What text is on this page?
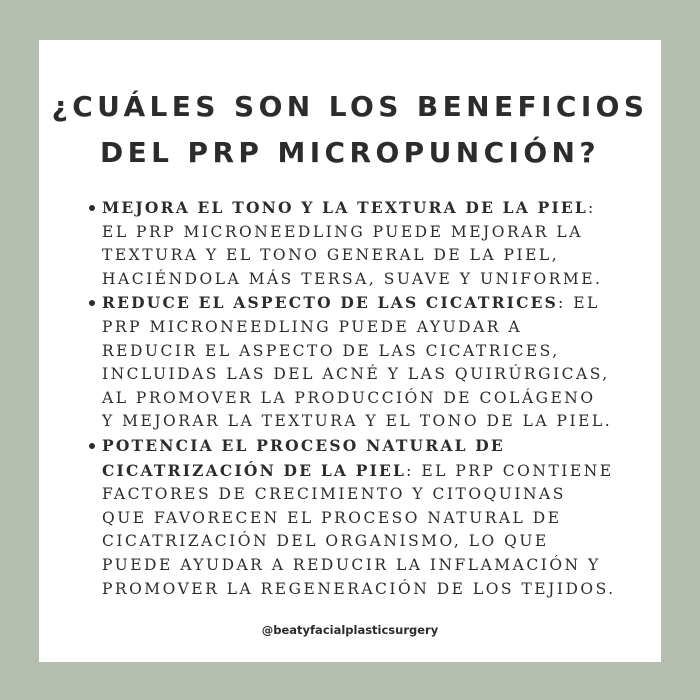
¿CUÁLES SON LOS BENEFICIOS
DEL PRP MICROPUNCIÓN?
MEJORA EL TONO Y LA TEXTURA DE LA PIEL:
EL PRP MICRONEEDLING PUEDE MEJORAR LA
TEXTURA Y EL TONO GENERAL DE LA PIEL,
HACIÉNDOLA MÁS TERSA, SUAVE Y UNIFORME.
REDUCE EL ASPECTO DE LAS CICATRICES: EL
PRP MICRONEEDLING PUEDE AYUDAR A
REDUCIR EL ASPECTO DE LAS CICATRICES,
INCLUIDAS LAS DEL ACNÉ Y LAS QUIRÚRGICAS,
AL PROMOVER LA PRODUCCIÓN DE COLÁGENO
Y MEJORAR LA TEXTURA Y EL TONO DE LA PIEL.
POTENCIA EL PROCESO NATURAL DE
CICATRIZACIÓN DE LA PIEL: EL PRP CONTIENE
FACTORES DE CRECIMIENTO Y CITOQUINAS
QUE FAVORECEN EL PROCESO NATURAL DE
CICATRIZACIÓN DEL ORGANISMO, LO QUE
PUEDE AYUDAR A REDUCIR LA INFLAMACIÓN Y
PROMOVER LA REGENERACIÓN DE LOS TEJIDOS.
@beatyfacialplasticsurgery
